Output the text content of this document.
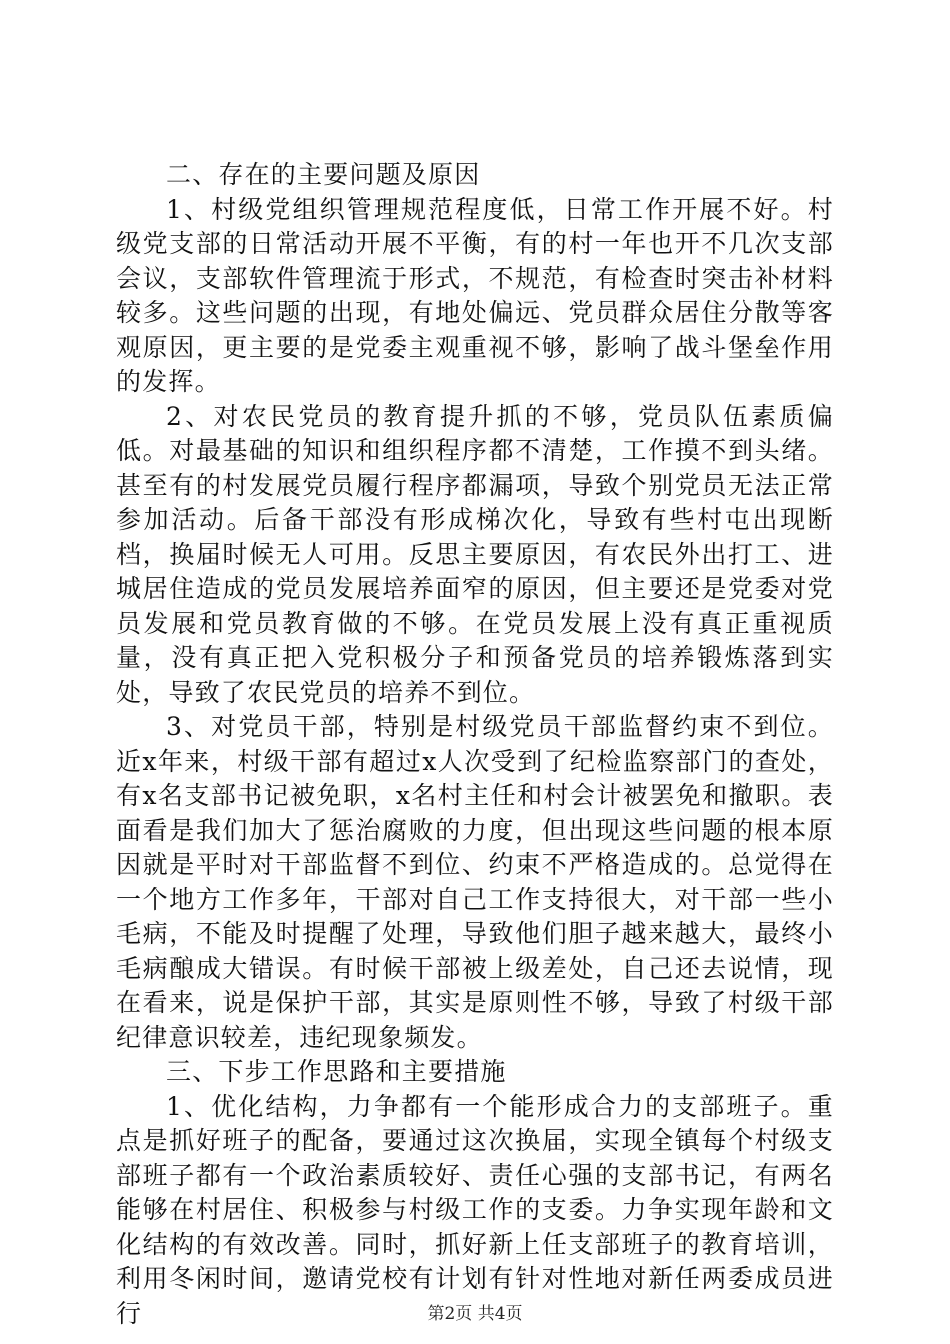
二、存在的主要问题及原因

1、村级党组织管理规范程度低，日常工作开展不好。村级党支部的日常活动开展不平衡，有的村一年也开不几次支部会议，支部软件管理流于形式，不规范，有检查时突击补材料较多。这些问题的出现，有地处偏远、党员群众居住分散等客观原因，更主要的是党委主观重视不够，影响了战斗堡垒作用的发挥。

2、对农民党员的教育提升抓的不够，党员队伍素质偏低。对最基础的知识和组织程序都不清楚，工作摸不到头绪。甚至有的村发展党员履行程序都漏项，导致个别党员无法正常参加活动。后备干部没有形成梯次化，导致有些村屯出现断档，换届时候无人可用。反思主要原因，有农民外出打工、进城居住造成的党员发展培养面窄的原因，但主要还是党委对党员发展和党员教育做的不够。在党员发展上没有真正重视质量，没有真正把入党积极分子和预备党员的培养锻炼落到实处，导致了农民党员的培养不到位。

3、对党员干部，特别是村级党员干部监督约束不到位。近x年来，村级干部有超过x人次受到了纪检监察部门的查处，有x名支部书记被免职，x名村主任和村会计被罢免和撤职。表面看是我们加大了惩治腐败的力度，但出现这些问题的根本原因就是平时对干部监督不到位、约束不严格造成的。总觉得在一个地方工作多年，干部对自己工作支持很大，对干部一些小毛病，不能及时提醒了处理，导致他们胆子越来越大，最终小毛病酿成大错误。有时候干部被上级差处，自己还去说情，现在看来，说是保护干部，其实是原则性不够，导致了村级干部纪律意识较差，违纪现象频发。

三、下步工作思路和主要措施

1、优化结构，力争都有一个能形成合力的支部班子。重点是抓好班子的配备，要通过这次换届，实现全镇每个村级支部班子都有一个政治素质较好、责任心强的支部书记，有两名能够在村居住、积极参与村级工作的支委。力争实现年龄和文化结构的有效改善。同时，抓好新上任支部班子的教育培训，利用冬闲时间，邀请党校有计划有针对性地对新任两委成员进行	第2页 共4页
